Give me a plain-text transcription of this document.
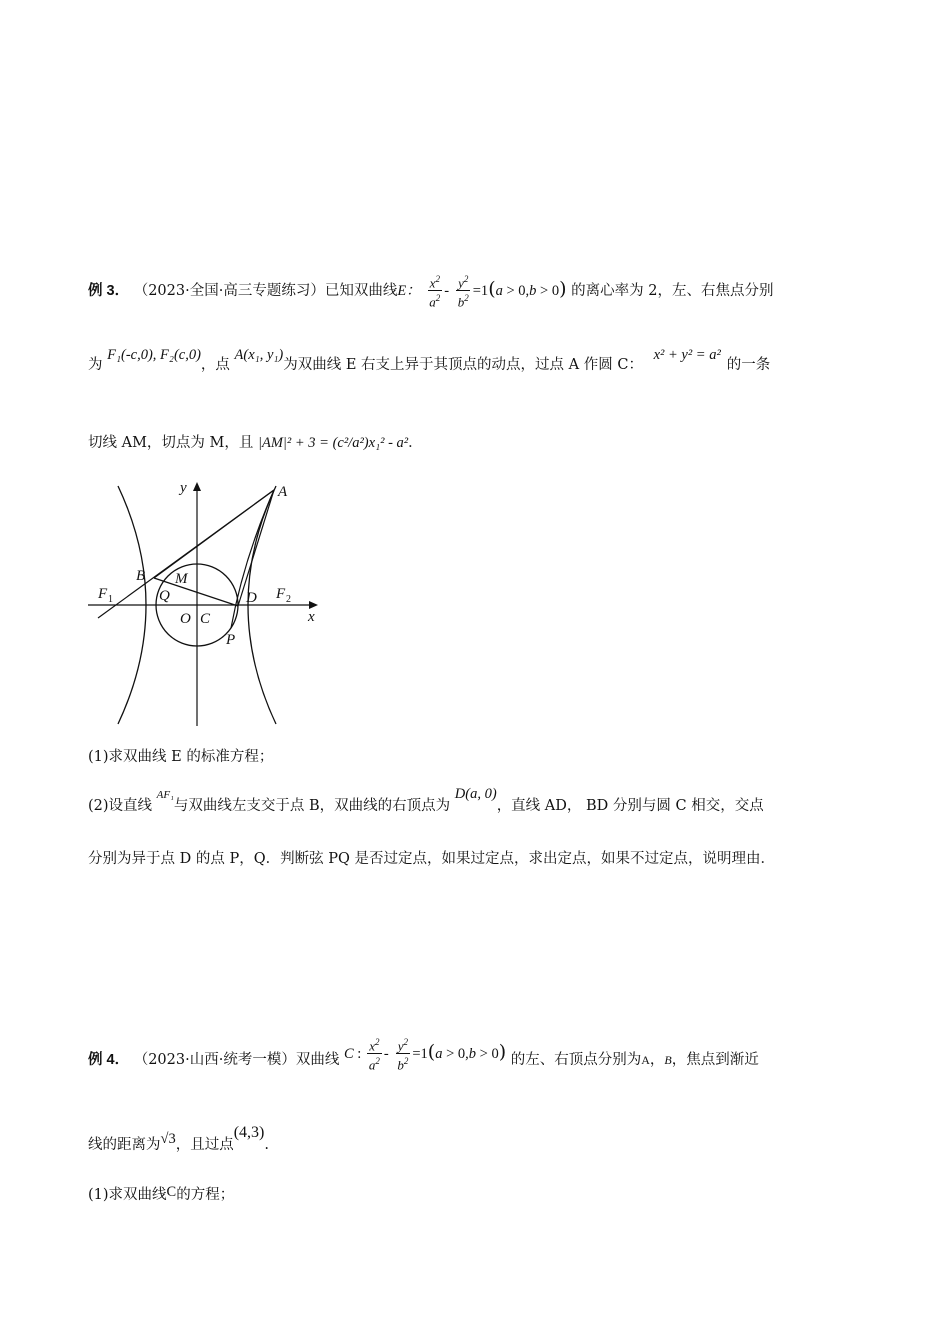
例 3． （2023·全国·高三专题练习）已知双曲线E： $\frac{x^2}{a^2} - \frac{y^2}{b^2} =1(a > 0,b > 0)$ 的离心率为 2，左、右焦点分别
为 F₁(-c,0), F₂(c,0)，点 A(x₁, y₁)为双曲线 E 右支上异于其顶点的动点，过点 A 作圆 C： x² + y² = a²的一条
切线 AM，切点为 M，且 |AM|² + 3 = (c²/a²)x₁² - a²．
y
x
A
B M
Q	D
O C
P
F 1	F 2
(1)求双曲线 E 的标准方程；
(2)设直线 $^{AF_1}$与双曲线左支交于点 B，双曲线的右顶点为 D(a, 0)，直线 AD， BD 分别与圆 C 相交，交点
分别为异于点 D 的点 P，Q．判断弦 PQ 是否过定点，如果过定点，求出定点，如果不过定点，说明理由．
例 4． （2023·山西·统考一模）双曲线 C : $\frac{x^2}{a^2} - \frac{y^2}{b^2} =1(a > 0,b > 0)$ 的左、右顶点分别为A，B，焦点到渐近
线的距离为√3，且过点(4,3).
(1)求双曲线C的方程；
